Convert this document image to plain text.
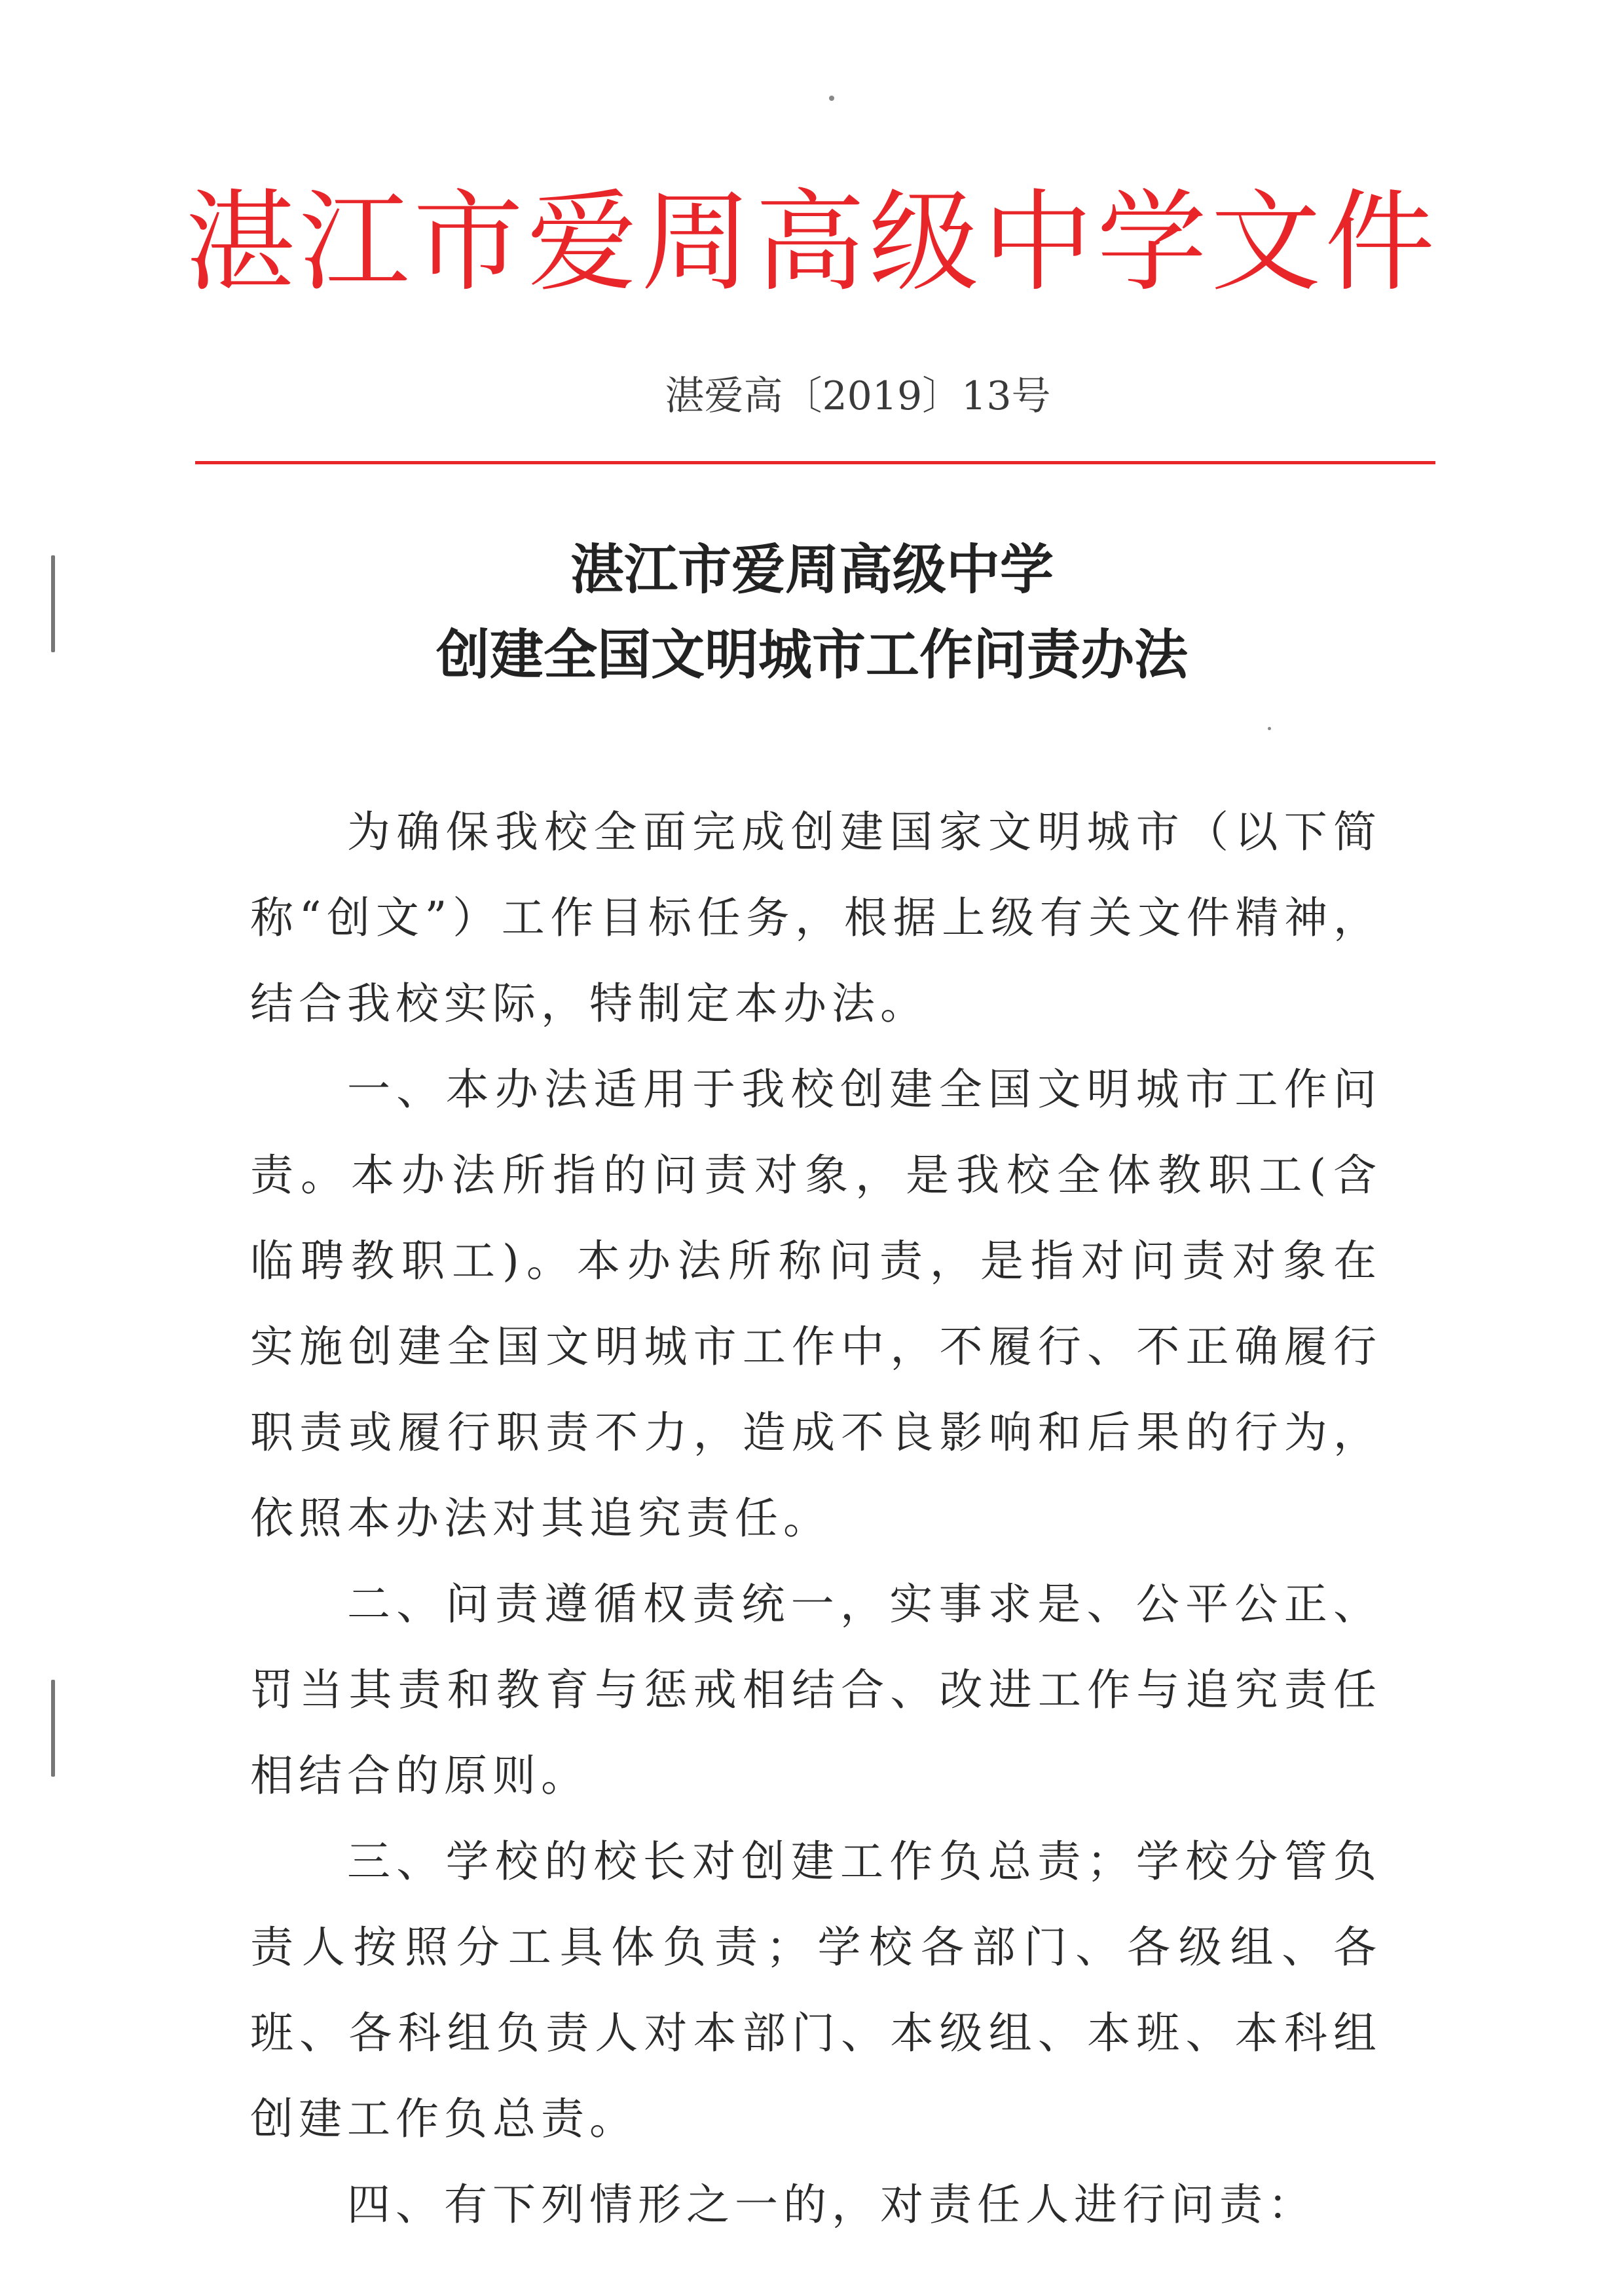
湛江市爱周高级中学文件
湛爱高〔2019〕13号
湛江市爱周高级中学
创建全国文明城市工作问责办法

为确保我校全面完成创建国家文明城市（以下简称“创文”）工作目标任务，根据上级有关文件精神，结合我校实际，特制定本办法。

一、本办法适用于我校创建全国文明城市工作问责。本办法所指的问责对象，是我校全体教职工(含临聘教职工)。本办法所称问责，是指对问责对象在实施创建全国文明城市工作中，不履行、不正确履行职责或履行职责不力，造成不良影响和后果的行为，依照本办法对其追究责任。

二、问责遵循权责统一，实事求是、公平公正、罚当其责和教育与惩戒相结合、改进工作与追究责任相结合的原则。

三、学校的校长对创建工作负总责；学校分管负责人按照分工具体负责；学校各部门、各级组、各班、各科组负责人对本部门、本级组、本班、本科组创建工作负总责。

四、有下列情形之一的，对责任人进行问责：
